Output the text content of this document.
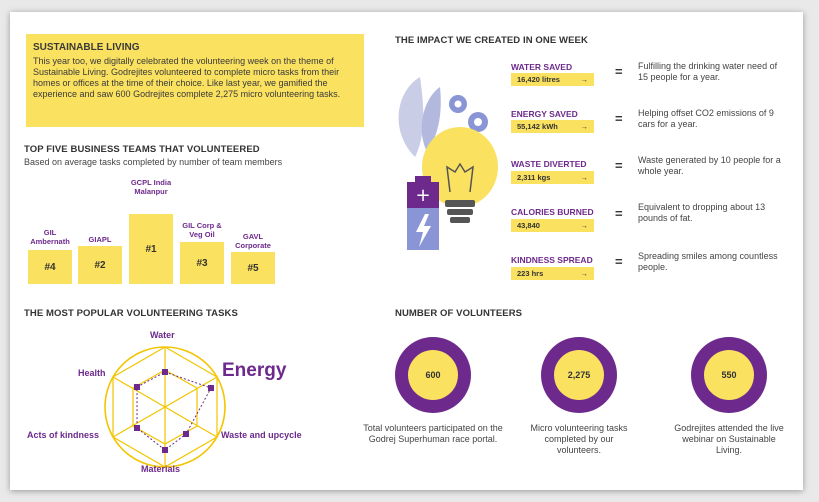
SUSTAINABLE LIVING
This year too, we digitally celebrated the volunteering week on the theme of Sustainable Living. Godrejites volunteered to complete micro tasks from their homes or offices at the time of their choice. Like last year, we gamified the experience and saw 600 Godrejites complete 2,275 micro volunteering tasks.
TOP FIVE BUSINESS TEAMS THAT VOLUNTEERED
Based on average tasks completed by number of team members
GIL Ambernath
#4
GIAPL
#2
GCPL India Malanpur
#1
GIL Corp & Veg Oil
#3
GAVL Corporate
#5
THE MOST POPULAR VOLUNTEERING TASKS
Water
Energy
Waste and upcycle
Materials
Acts of kindness
Health
THE IMPACT WE CREATED IN ONE WEEK
+
WATER SAVED
16,420 litres	→
= Fulfilling the drinking water need of 15 people for a year.
ENERGY SAVED
55,142 kWh	→
= Helping offset CO2 emissions of 9 cars for a year.
WASTE DIVERTED
2,311 kgs	→
= Waste generated by 10 people for a whole year.
CALORIES BURNED
43,840	→
= Equivalent to dropping about 13 pounds of fat.
KINDNESS SPREAD
223 hrs	→
= Spreading smiles among countless people.
NUMBER OF VOLUNTEERS
600
Total volunteers participated on the Godrej Superhuman race portal.
2,275
Micro volunteering tasks completed by our volunteers.
550
Godrejites attended the live webinar on Sustainable Living.
